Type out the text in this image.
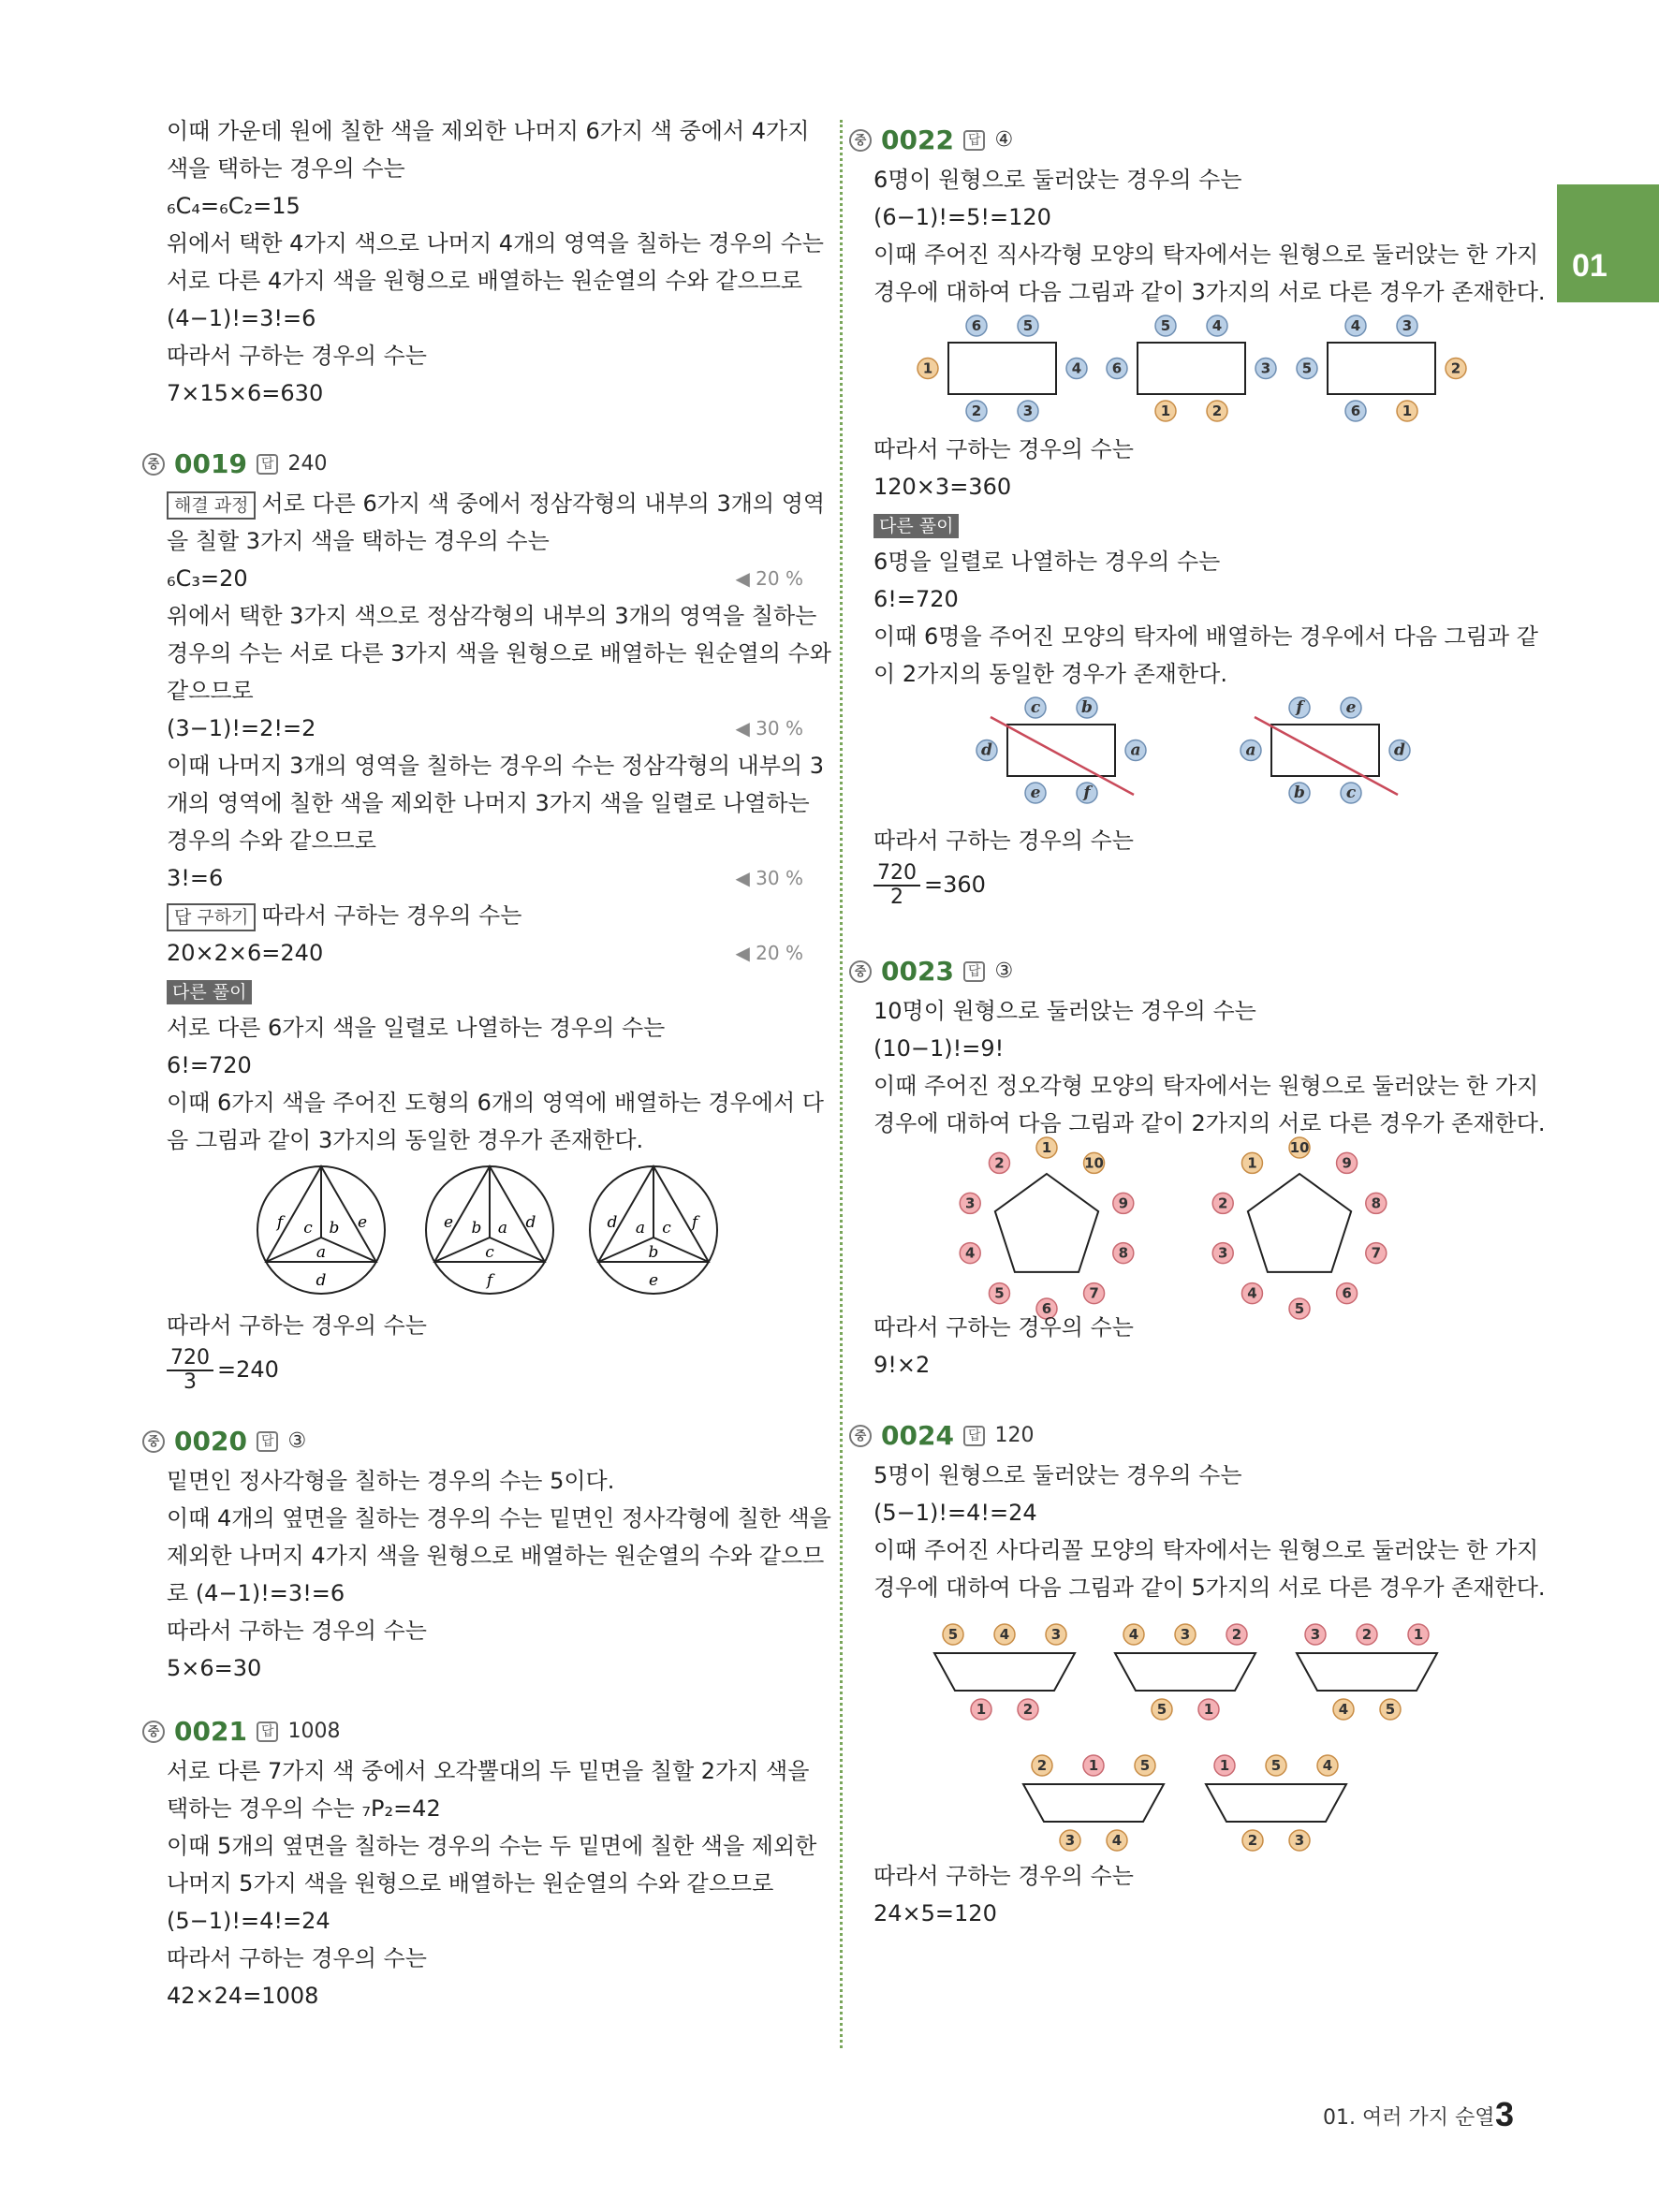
01
이때 가운데 원에 칠한 색을 제외한 나머지 6가지 색 중에서 4가지
색을 택하는 경우의 수는
₆C₄=₆C₂=15
위에서 택한 4가지 색으로 나머지 4개의 영역을 칠하는 경우의 수는
서로 다른 4가지 색을 원형으로 배열하는 원순열의 수와 같으므로
(4−1)!=3!=6
따라서 구하는 경우의 수는
7×15×6=630
중 0019	답 240
해결 과정 서로 다른 6가지 색 중에서 정삼각형의 내부의 3개의 영역
을 칠할 3가지 색을 택하는 경우의 수는
₆C₃=20	◀ 20 %
위에서 택한 3가지 색으로 정삼각형의 내부의 3개의 영역을 칠하는
경우의 수는 서로 다른 3가지 색을 원형으로 배열하는 원순열의 수와
같으므로
(3−1)!=2!=2	◀ 30 %
이때 나머지 3개의 영역을 칠하는 경우의 수는 정삼각형의 내부의 3
개의 영역에 칠한 색을 제외한 나머지 3가지 색을 일렬로 나열하는
경우의 수와 같으므로
3!=6	◀ 30 %
답 구하기 따라서 구하는 경우의 수는
20×2×6=240	◀ 20 %
다른 풀이
서로 다른 6가지 색을 일렬로 나열하는 경우의 수는
6!=720
이때 6가지 색을 주어진 도형의 6개의 영역에 배열하는 경우에서 다
음 그림과 같이 3가지의 동일한 경우가 존재한다.
f	e
c b
a
d
e	d
b a
c
f
d	f
a c
b
e
따라서 구하는 경우의 수는
$\frac{720}{3} =240$
중 0020	답 ③
밑면인 정사각형을 칠하는 경우의 수는 5이다.
이때 4개의 옆면을 칠하는 경우의 수는 밑면인 정사각형에 칠한 색을
제외한 나머지 4가지 색을 원형으로 배열하는 원순열의 수와 같으므
로 (4−1)!=3!=6
따라서 구하는 경우의 수는
5×6=30
중 0021	답 1008
서로 다른 7가지 색 중에서 오각뿔대의 두 밑면을 칠할 2가지 색을
택하는 경우의 수는 ₇P₂=42
이때 5개의 옆면을 칠하는 경우의 수는 두 밑면에 칠한 색을 제외한
나머지 5가지 색을 원형으로 배열하는 원순열의 수와 같으므로
(5−1)!=4!=24
따라서 구하는 경우의 수는
42×24=1008
중 0022	답 ④
6명이 원형으로 둘러앉는 경우의 수는
(6−1)!=5!=120
이때 주어진 직사각형 모양의 탁자에서는 원형으로 둘러앉는 한 가지
경우에 대하여 다음 그림과 같이 3가지의 서로 다른 경우가 존재한다.
6	5
2	3
1	4
5	4
1	2
6	3
4	3
6	1
5	2
따라서 구하는 경우의 수는
120×3=360
다른 풀이
6명을 일렬로 나열하는 경우의 수는
6!=720
이때 6명을 주어진 모양의 탁자에 배열하는 경우에서 다음 그림과 같
이 2가지의 동일한 경우가 존재한다.
c	b
e	f
d	a
f	e
b	c
a	d
따라서 구하는 경우의 수는
$\frac{720}{2} =360$
중 0023	답 ③
10명이 원형으로 둘러앉는 경우의 수는
(10−1)!=9!
이때 주어진 정오각형 모양의 탁자에서는 원형으로 둘러앉는 한 가지
경우에 대하여 다음 그림과 같이 2가지의 서로 다른 경우가 존재한다.
1
10
9
8
7
6
5
4
3
2
10
9
8
7
6
5
4
3
2
1
따라서 구하는 경우의 수는
9!×2
중 0024	답 120
5명이 원형으로 둘러앉는 경우의 수는
(5−1)!=4!=24
이때 주어진 사다리꼴 모양의 탁자에서는 원형으로 둘러앉는 한 가지
경우에 대하여 다음 그림과 같이 5가지의 서로 다른 경우가 존재한다.
5	4	3
1	2
4	3	2
5	1
3	2	1
4	5
2	1	5
3	4
1	5	4
2	3
따라서 구하는 경우의 수는
24×5=120
01. 여러 가지 순열 3
